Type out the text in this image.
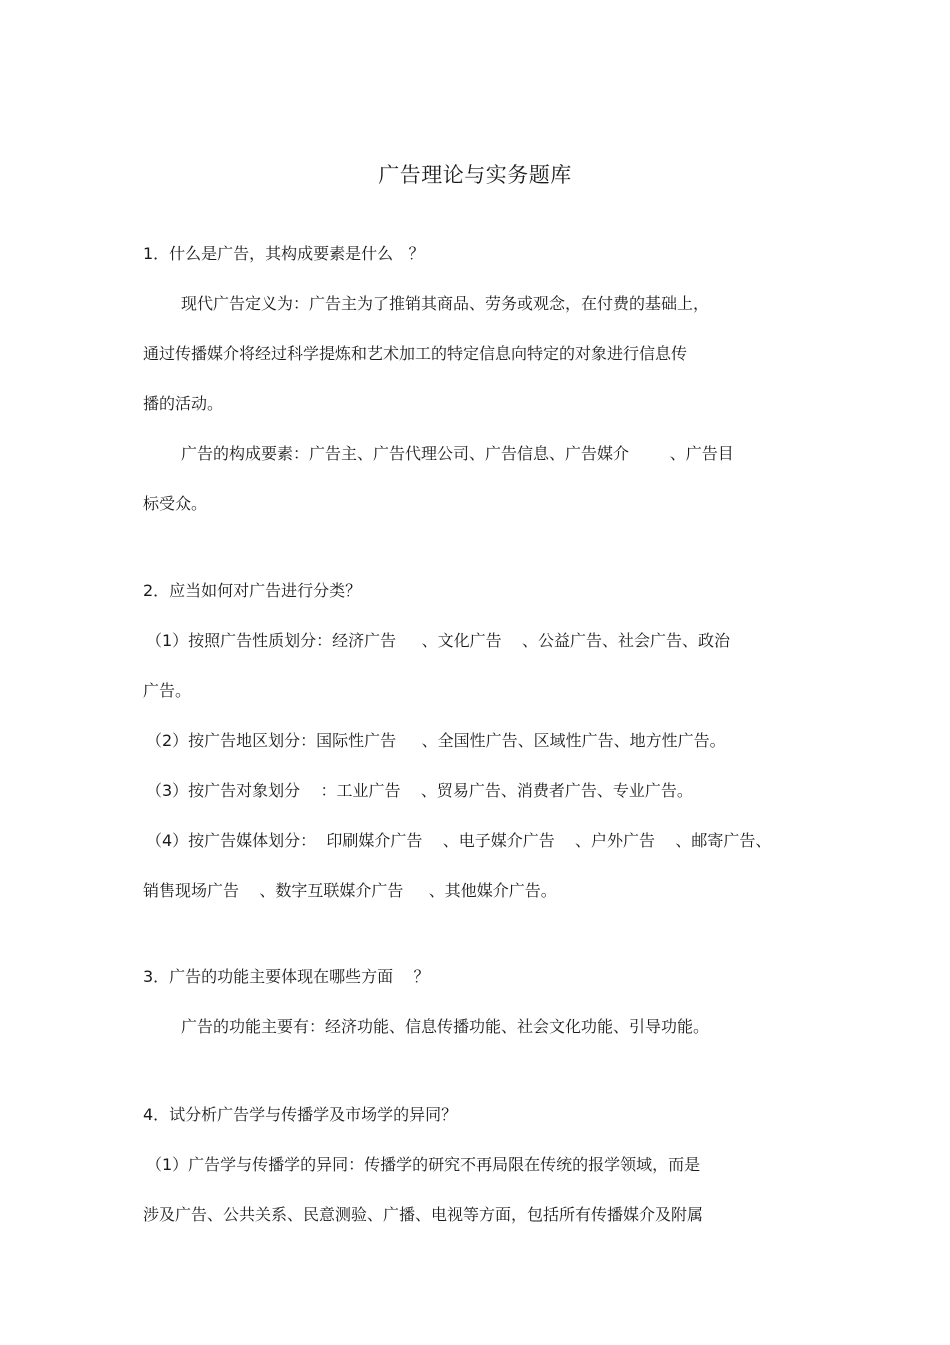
广告理论与实务题库
1．什么是广告，其构成要素是什么   ？
现代广告定义为：广告主为了推销其商品、劳务或观念，在付费的基础上，
通过传播媒介将经过科学提炼和艺术加工的特定信息向特定的对象进行信息传
播的活动。
广告的构成要素：广告主、广告代理公司、广告信息、广告媒介        、广告目
标受众。
2．应当如何对广告进行分类？
（1）按照广告性质划分：经济广告     、文化广告    、公益广告、社会广告、政治
广告。
（2）按广告地区划分：国际性广告     、全国性广告、区域性广告、地方性广告。
（3）按广告对象划分    ：工业广告    、贸易广告、消费者广告、专业广告。
（4）按广告媒体划分：  印刷媒介广告    、电子媒介广告    、户外广告    、邮寄广告、
销售现场广告    、数字互联媒介广告     、其他媒介广告。
3．广告的功能主要体现在哪些方面    ？
广告的功能主要有：经济功能、信息传播功能、社会文化功能、引导功能。
4．试分析广告学与传播学及市场学的异同？
（1）广告学与传播学的异同：传播学的研究不再局限在传统的报学领域，而是
涉及广告、公共关系、民意测验、广播、电视等方面，包括所有传播媒介及附属
